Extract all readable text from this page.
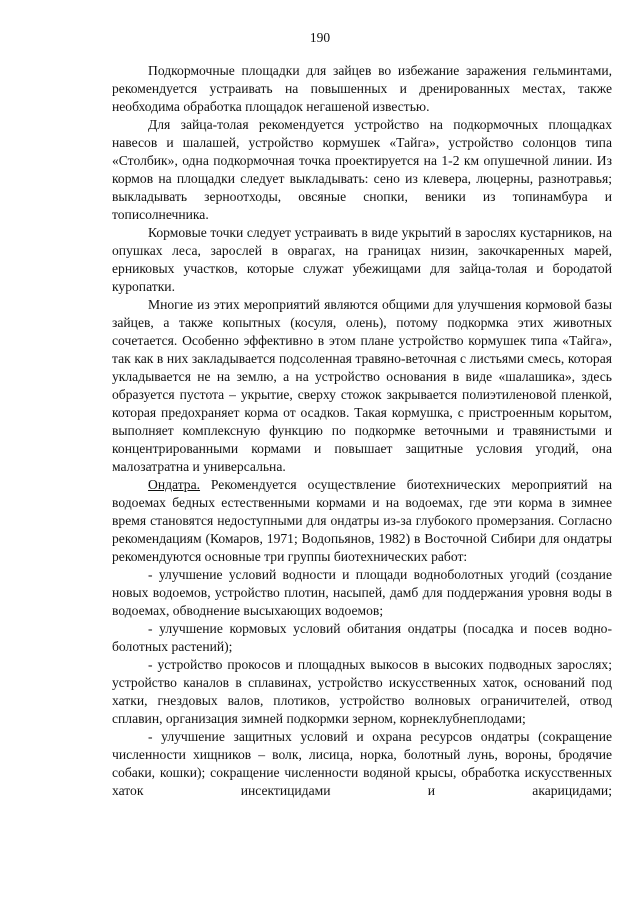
190

Подкормочные площадки для зайцев во избежание заражения гельминтами, рекомендуется устраивать на повышенных и дренированных местах, также необходима обработка площадок негашеной известью.

Для зайца-толая рекомендуется устройство на подкормочных площадках навесов и шалашей, устройство кормушек «Тайга», устройство солонцов типа «Столбик», одна подкормочная точка проектируется на 1-2 км опушечной линии. Из кормов на площадки следует выкладывать: сено из клевера, люцерны, разнотравья; выкладывать зерноотходы, овсяные снопки, веники из топинамбура и тописолнечника.

Кормовые точки следует устраивать в виде укрытий в зарослях кустарников, на опушках леса, зарослей в оврагах, на границах низин, закочкаренных марей, ерниковых участков, которые служат убежищами для зайца-толая и бородатой куропатки.

Многие из этих мероприятий являются общими для улучшения кормовой базы зайцев, а также копытных (косуля, олень), потому подкормка этих животных сочетается. Особенно эффективно в этом плане устройство кормушек типа «Тайга», так как в них закладывается подсоленная травяно-веточная с листьями смесь, которая укладывается не на землю, а на устройство основания в виде «шалашика», здесь образуется пустота – укрытие, сверху стожок закрывается полиэтиленовой пленкой, которая предохраняет корма от осадков. Такая кормушка, с пристроенным корытом, выполняет комплексную функцию по подкормке веточными и травянистыми и концентрированными кормами и повышает защитные условия угодий, она малозатратна и универсальна.

Ондатра. Рекомендуется осуществление биотехнических мероприятий на водоемах бедных естественными кормами и на водоемах, где эти корма в зимнее время становятся недоступными для ондатры из-за глубокого промерзания. Согласно рекомендациям (Комаров, 1971; Водопьянов, 1982) в Восточной Сибири для ондатры рекомендуются основные три группы биотехнических работ:

- улучшение условий водности и площади водноболотных угодий (создание новых водоемов, устройство плотин, насыпей, дамб для поддержания уровня воды в водоемах, обводнение высыхающих водоемов;

- улучшение кормовых условий обитания ондатры (посадка и посев водно-болотных растений);

- устройство прокосов и площадных выкосов в высоких подводных зарослях; устройство каналов в сплавинах, устройство искусственных хаток, оснований под хатки, гнездовых валов, плотиков, устройство волновых ограничителей, отвод сплавин, организация зимней подкормки зерном, корнеклубнеплодами;

- улучшение защитных условий и охрана ресурсов ондатры (сокращение численности хищников – волк, лисица, норка, болотный лунь, вороны, бродячие собаки, кошки); сокращение численности водяной крысы, обработка искусственных хаток инсектицидами и акарицидами;
